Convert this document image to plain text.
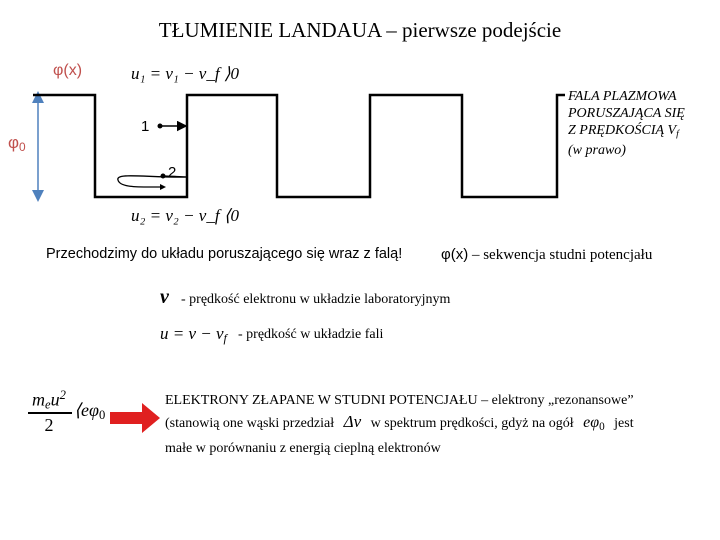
TŁUMIENIE LANDAUA – pierwsze podejście
φ(x)
$\varphi_0$
1
2
u₁ = v₁ − v_f ⟩0
u₂ = v₂ − v_f ⟨0
FALA PLAZMOWA
PORUSZAJĄCA SIĘ
Z PRĘDKOŚCIĄ $V_f$
(w prawo)
Przechodzimy do układu poruszającego się wraz z falą!	φ(x) – sekwencja studni potencjału
v - prędkość elektronu w układzie laboratoryjnym
$u = v - v_f$ - prędkość w układzie fali
$m_eu^2$
2
$⟨e\varphi_0$
ELEKTRONY ZŁAPANE W STUDNI POTENCJAŁU – elektrony „rezonansowe”
(stanowią one wąski przedział Δv w spektrum prędkości, gdyż na ogół $e\varphi_0$ jest
małe w porównaniu z energią cieplną elektronów
